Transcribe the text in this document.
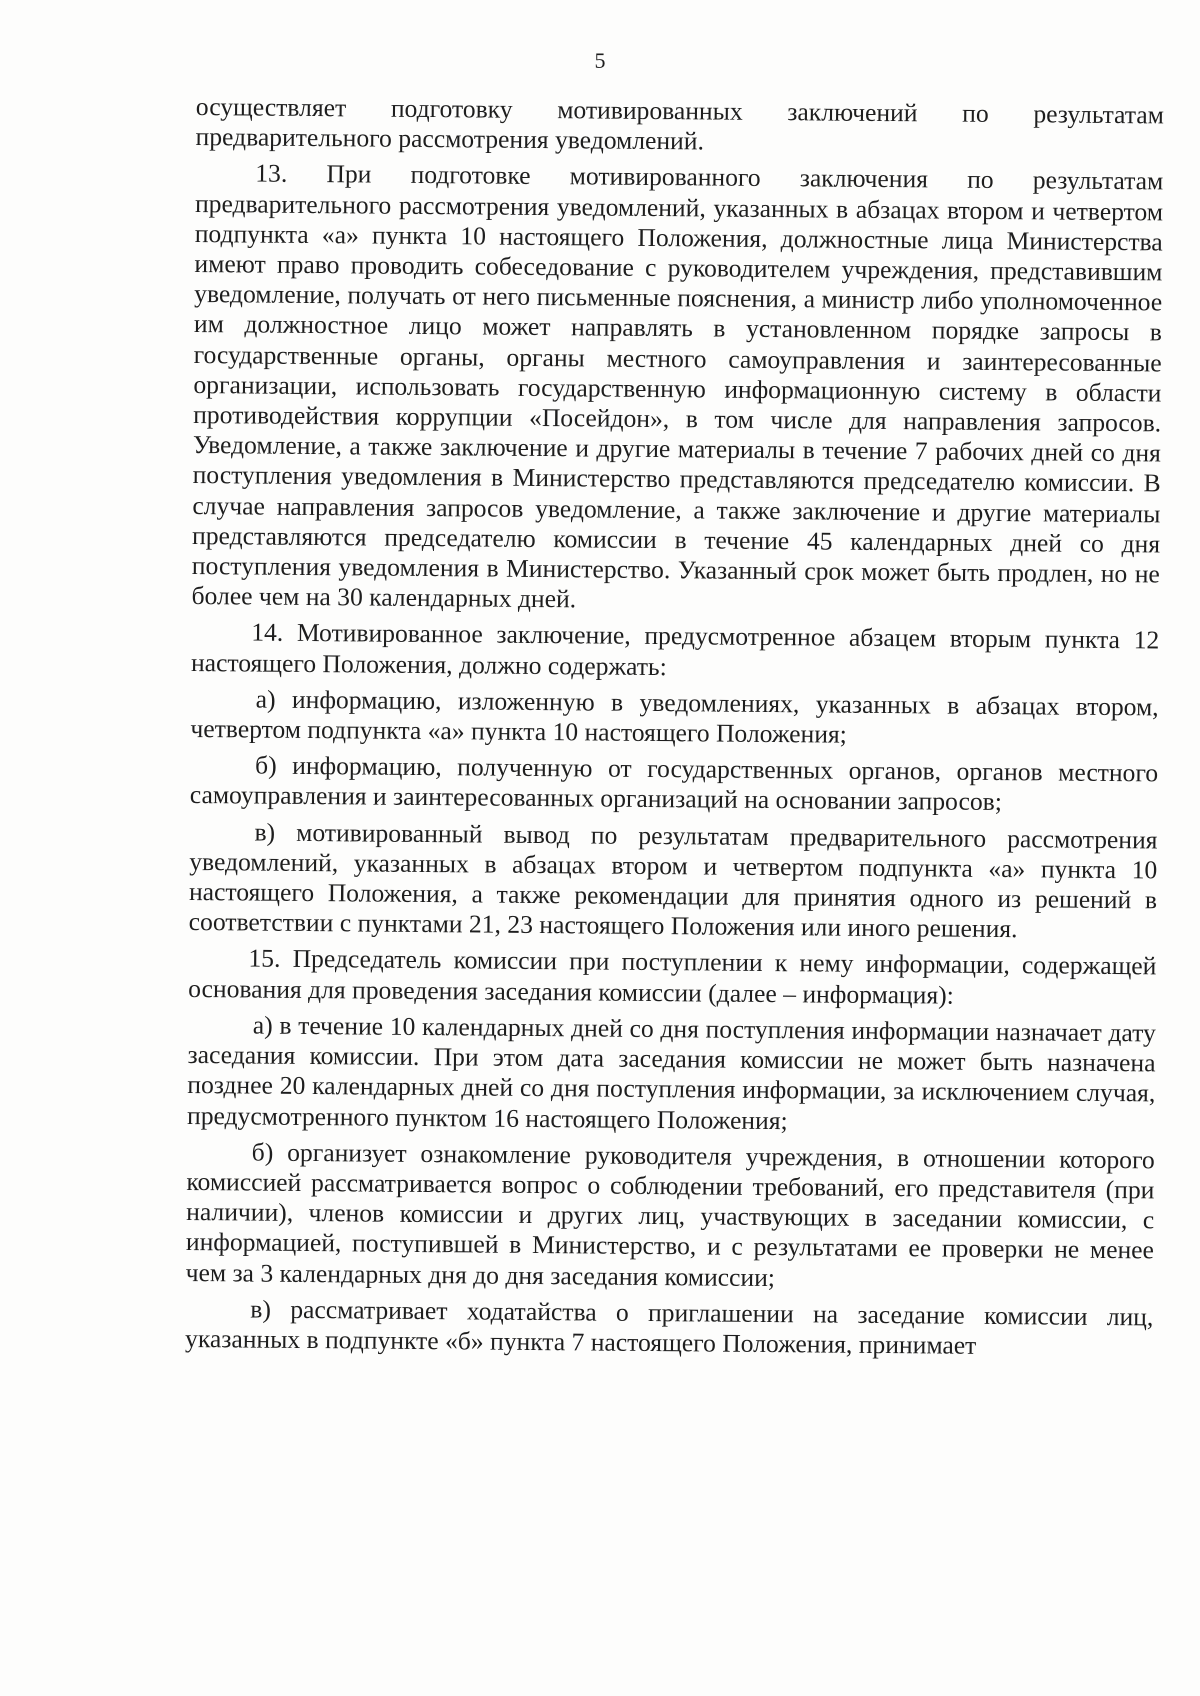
5

осуществляет подготовку мотивированных заключений по результатам предварительного рассмотрения уведомлений.

13. При подготовке мотивированного заключения по результатам предварительного рассмотрения уведомлений, указанных в абзацах втором и четвертом подпункта «а» пункта 10 настоящего Положения, должностные лица Министерства имеют право проводить собеседование с руководителем учреждения, представившим уведомление, получать от него письменные пояснения, а министр либо уполномоченное им должностное лицо может направлять в установленном порядке запросы в государственные органы, органы местного самоуправления и заинтересованные организации, использовать государственную информационную систему в области противодействия коррупции «Посейдон», в том числе для направления запросов. Уведомление, а также заключение и другие материалы в течение 7 рабочих дней со дня поступления уведомления в Министерство представляются председателю комиссии. В случае направления запросов уведомление, а также заключение и другие материалы представляются председателю комиссии в течение 45 календарных дней со дня поступления уведомления в Министерство. Указанный срок может быть продлен, но не более чем на 30 календарных дней.

14. Мотивированное заключение, предусмотренное абзацем вторым пункта 12 настоящего Положения, должно содержать:

а) информацию, изложенную в уведомлениях, указанных в абзацах втором, четвертом подпункта «а» пункта 10 настоящего Положения;

б) информацию, полученную от государственных органов, органов местного самоуправления и заинтересованных организаций на основании запросов;

в) мотивированный вывод по результатам предварительного рассмотрения уведомлений, указанных в абзацах втором и четвертом подпункта «а» пункта 10 настоящего Положения, а также рекомендации для принятия одного из решений в соответствии с пунктами 21, 23 настоящего Положения или иного решения.

15. Председатель комиссии при поступлении к нему информации, содержащей основания для проведения заседания комиссии (далее – информация):

а) в течение 10 календарных дней со дня поступления информации назначает дату заседания комиссии. При этом дата заседания комиссии не может быть назначена позднее 20 календарных дней со дня поступления информации, за исключением случая, предусмотренного пунктом 16 настоящего Положения;

б) организует ознакомление руководителя учреждения, в отношении которого комиссией рассматривается вопрос о соблюдении требований, его представителя (при наличии), членов комиссии и других лиц, участвующих в заседании комиссии, с информацией, поступившей в Министерство, и с результатами ее проверки не менее чем за 3 календарных дня до дня заседания комиссии;

в) рассматривает ходатайства о приглашении на заседание комиссии лиц, указанных в подпункте «б» пункта 7 настоящего Положения, принимает
